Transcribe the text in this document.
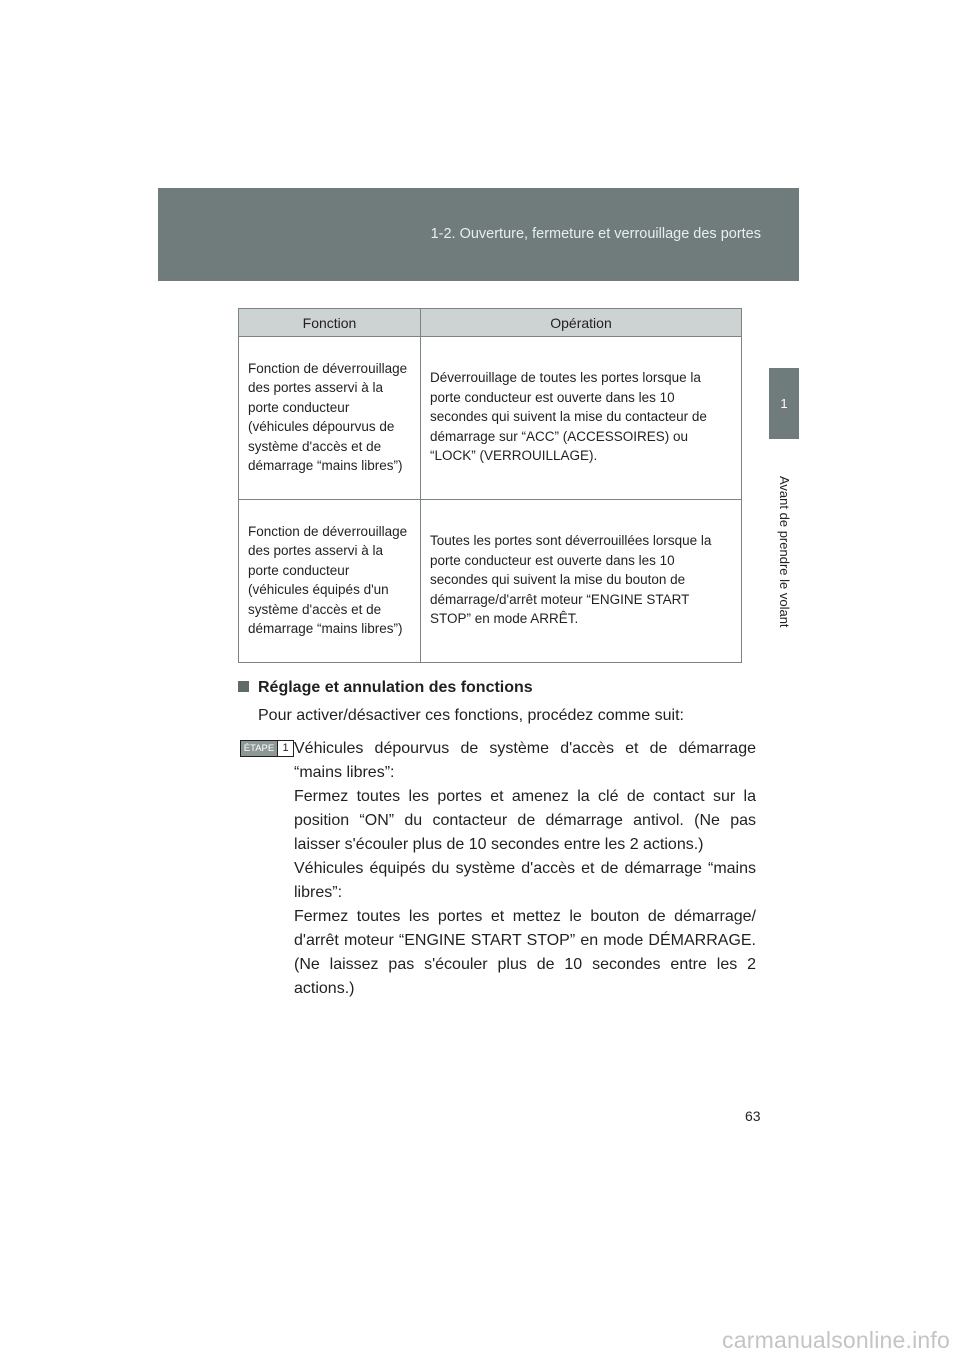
1-2. Ouverture, fermeture et verrouillage des portes
1
Avant de prendre le volant
Fonction	Opération
Fonction de déverrouillage des portes asservi à la porte conducteur (véhicules dépourvus de système d'accès et de démarrage “mains libres”)	Déverrouillage de toutes les portes lorsque la porte conducteur est ouverte dans les 10 secondes qui suivent la mise du contacteur de démarrage sur “ACC” (ACCESSOIRES) ou “LOCK” (VERROUILLAGE).
Fonction de déverrouillage des portes asservi à la porte conducteur (véhicules équipés d'un système d'accès et de démarrage “mains libres”)	Toutes les portes sont déverrouillées lorsque la porte conducteur est ouverte dans les 10 secondes qui suivent la mise du bouton de démarrage/d'arrêt moteur “ENGINE START STOP” en mode ARRÊT.
Réglage et annulation des fonctions
Pour activer/désactiver ces fonctions, procédez comme suit:
ÉTAPE 1 Véhicules dépourvus de système d'accès et de démarrage “mains libres”:

Fermez toutes les portes et amenez la clé de contact sur la position “ON” du contacteur de démarrage antivol. (Ne pas laisser s'écouler plus de 10 secondes entre les 2 actions.)

Véhicules équipés du système d'accès et de démarrage “mains libres”:

Fermez toutes les portes et mettez le bouton de démarrage/ d'arrêt moteur “ENGINE START STOP” en mode DÉMARRAGE. (Ne laissez pas s'écouler plus de 10 secondes entre les 2 actions.)

63
carmanualsonline.info
